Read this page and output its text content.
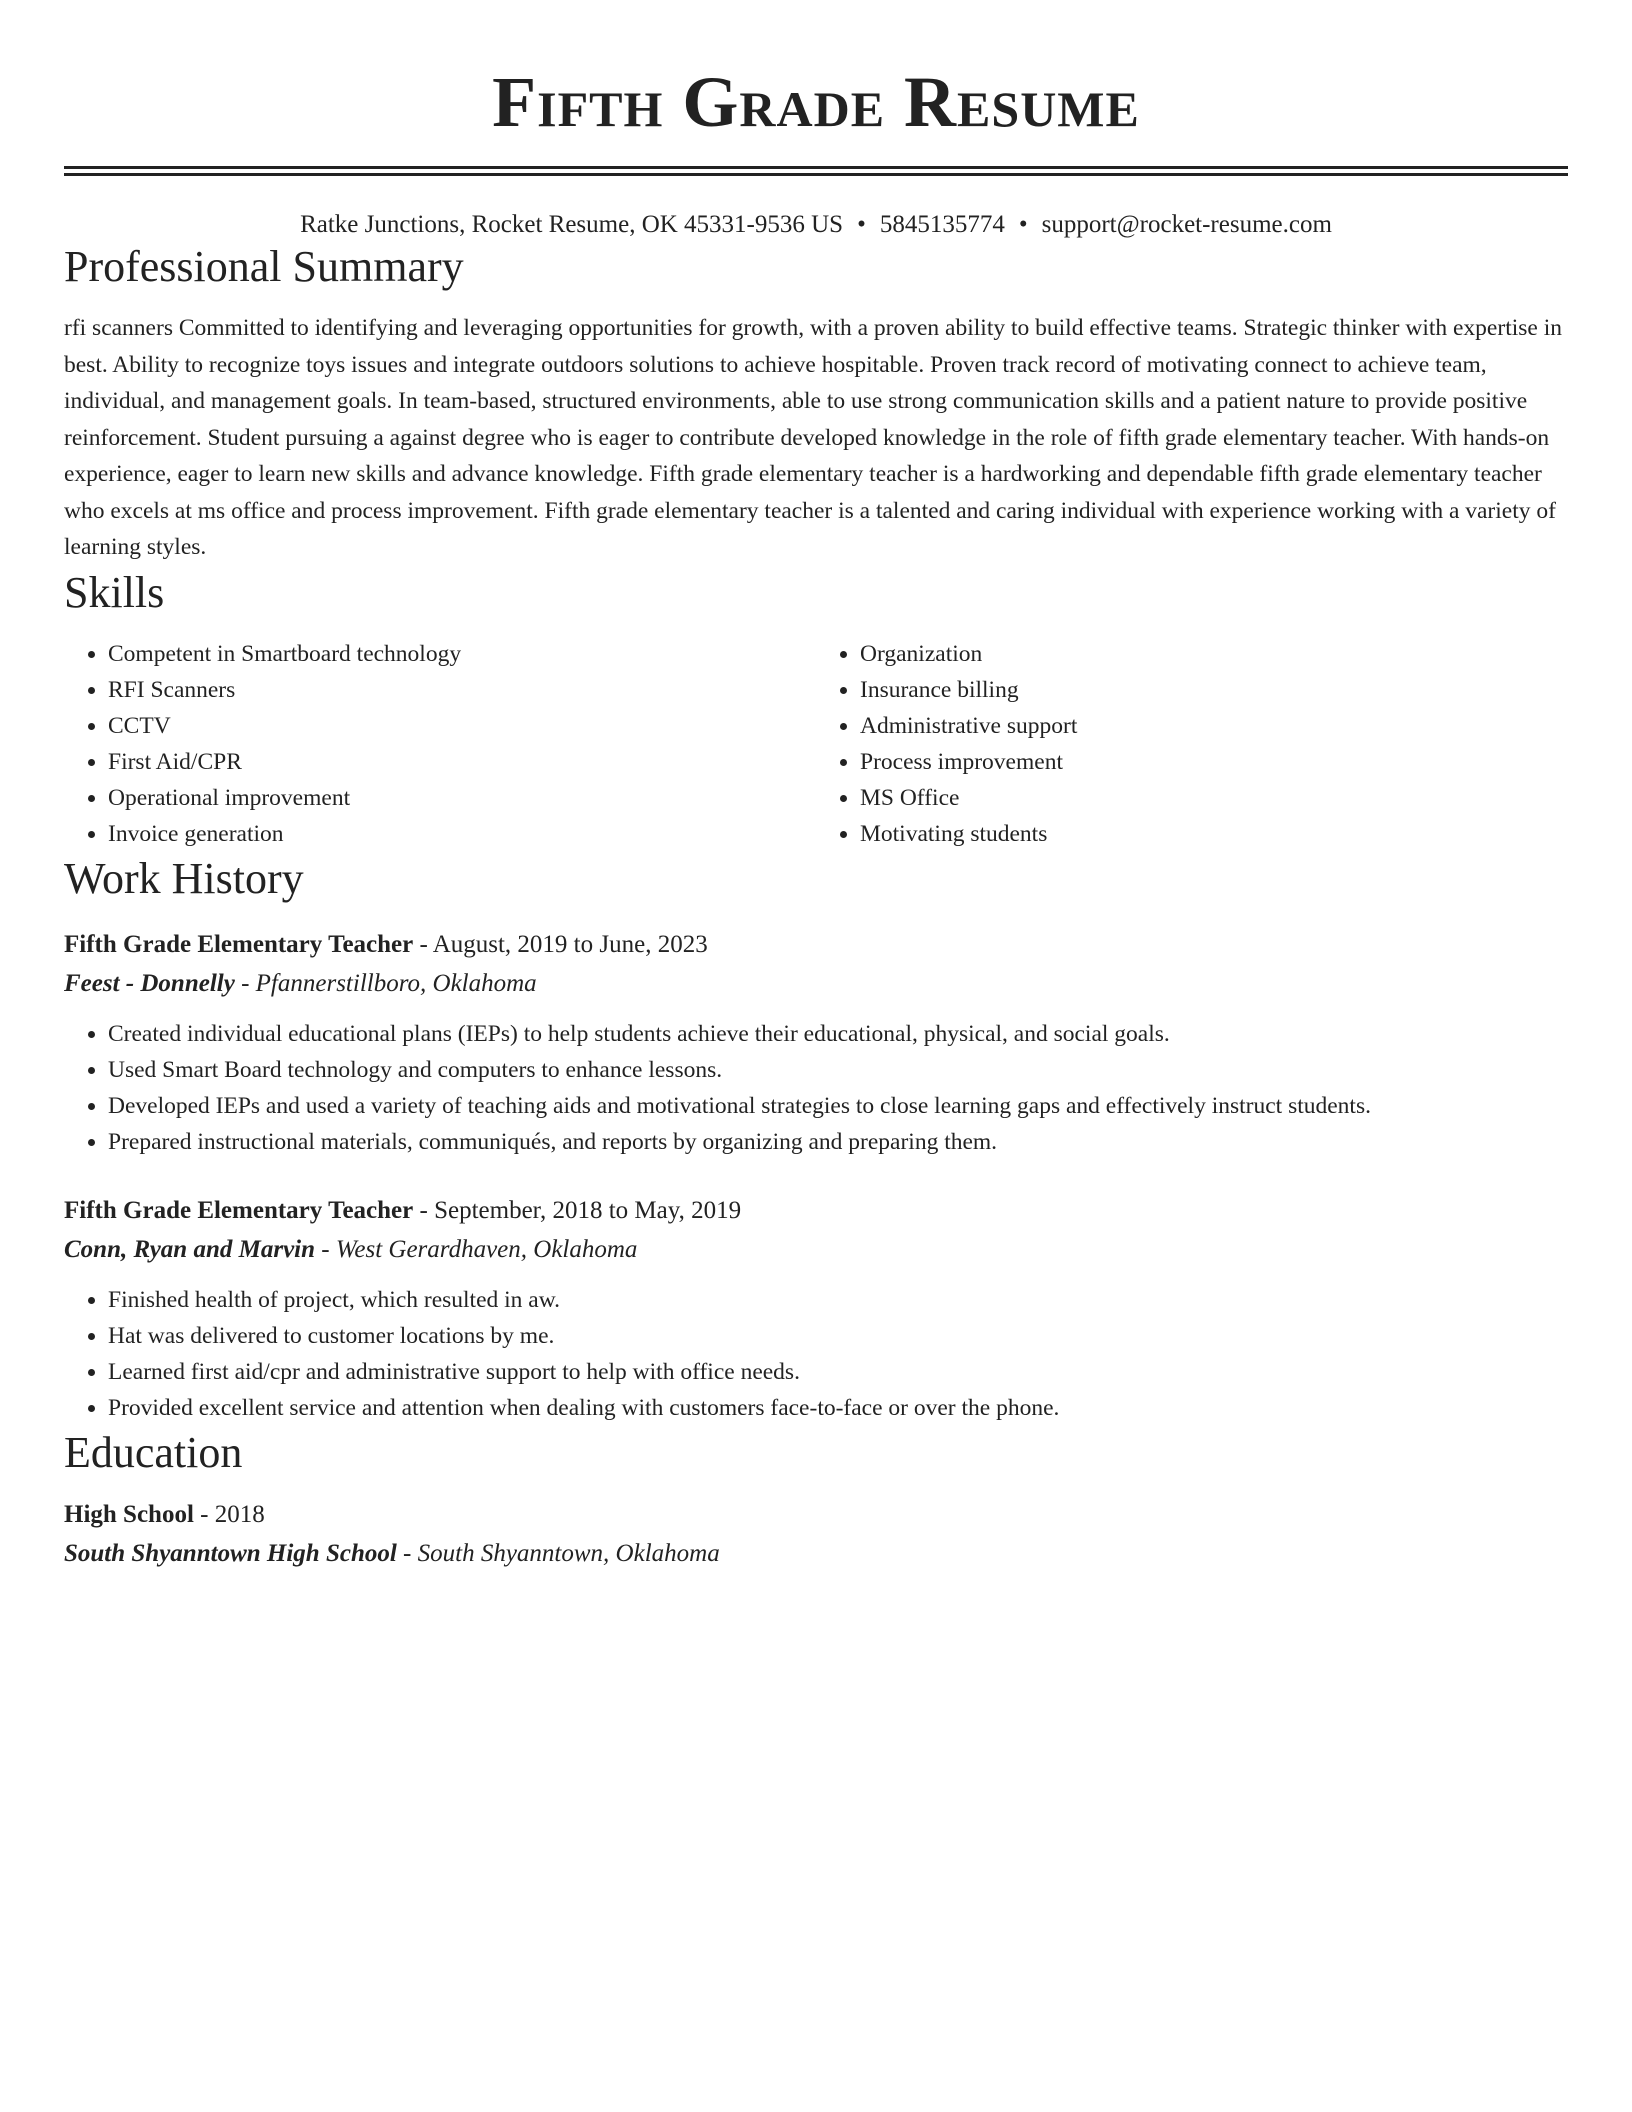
Fifth Grade Resume
Ratke Junctions, Rocket Resume, OK 45331-9536 US • 5845135774 • support@rocket-resume.com
Professional Summary

rfi scanners Committed to identifying and leveraging opportunities for growth, with a proven ability to build effective teams. Strategic thinker with expertise in best. Ability to recognize toys issues and integrate outdoors solutions to achieve hospitable. Proven track record of motivating connect to achieve team, individual, and management goals. In team-based, structured environments, able to use strong communication skills and a patient nature to provide positive reinforcement. Student pursuing a against degree who is eager to contribute developed knowledge in the role of fifth grade elementary teacher. With hands-on experience, eager to learn new skills and advance knowledge. Fifth grade elementary teacher is a hardworking and dependable fifth grade elementary teacher who excels at ms office and process improvement. Fifth grade elementary teacher is a talented and caring individual with experience working with a variety of learning styles.

Skills
• Competent in Smartboard technology
• RFI Scanners
• CCTV
• First Aid/CPR
• Operational improvement
• Invoice generation
• Organization
• Insurance billing
• Administrative support
• Process improvement
• MS Office
• Motivating students
Work History
Fifth Grade Elementary Teacher - August, 2019 to June, 2023
Feest - Donnelly - Pfannerstillboro, Oklahoma
• Created individual educational plans (IEPs) to help students achieve their educational, physical, and social goals.
• Used Smart Board technology and computers to enhance lessons.
• Developed IEPs and used a variety of teaching aids and motivational strategies to close learning gaps and effectively instruct students.
• Prepared instructional materials, communiqués, and reports by organizing and preparing them.
Fifth Grade Elementary Teacher - September, 2018 to May, 2019
Conn, Ryan and Marvin - West Gerardhaven, Oklahoma
• Finished health of project, which resulted in aw.
• Hat was delivered to customer locations by me.
• Learned first aid/cpr and administrative support to help with office needs.
• Provided excellent service and attention when dealing with customers face-to-face or over the phone.
Education
High School - 2018
South Shyanntown High School - South Shyanntown, Oklahoma
